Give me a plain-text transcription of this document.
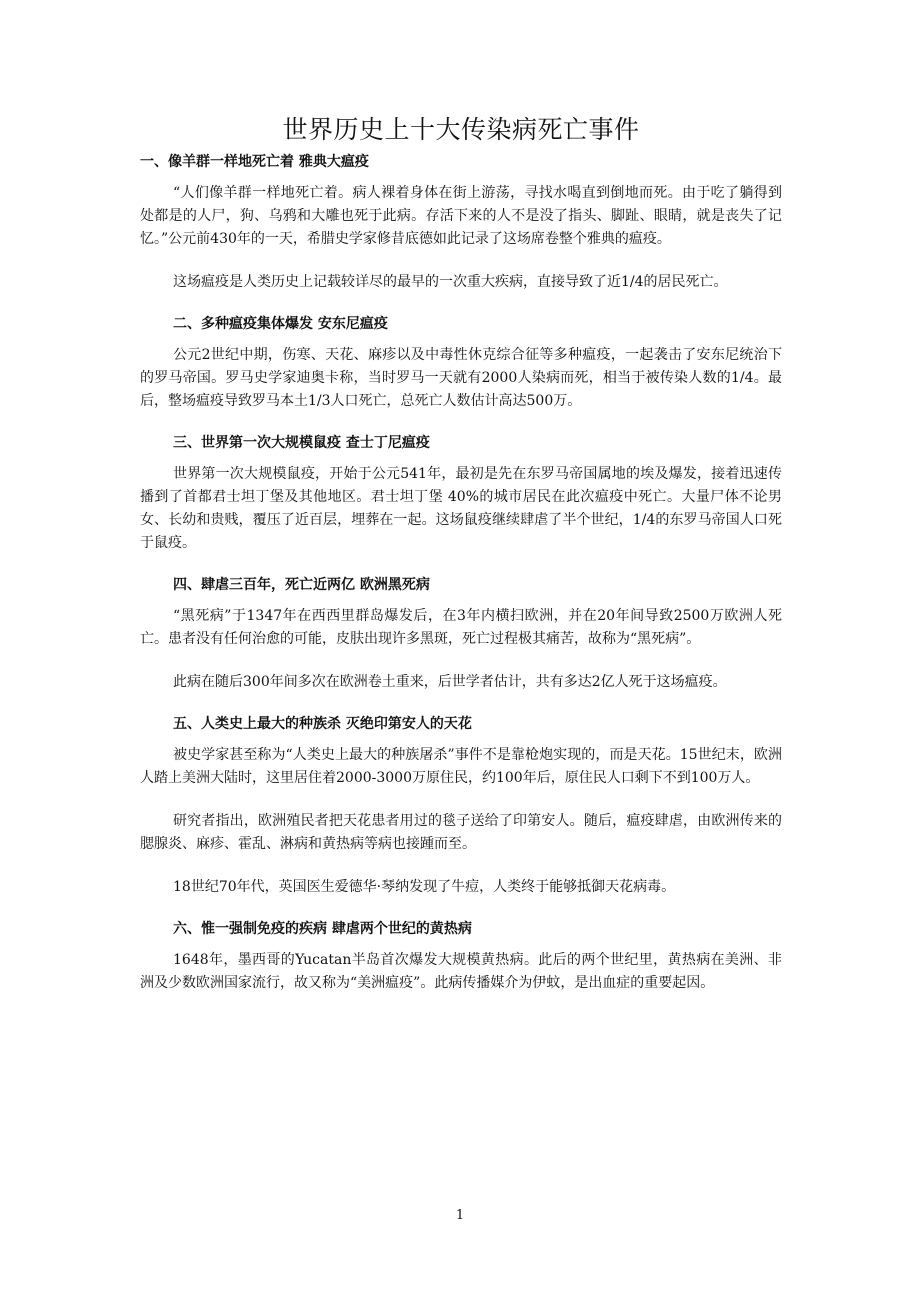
世界历史上十大传染病死亡事件
一、像羊群一样地死亡着 雅典大瘟疫

“人们像羊群一样地死亡着。病人裸着身体在街上游荡，寻找水喝直到倒地而死。由于吃了躺得到处都是的人尸，狗、乌鸦和大雕也死于此病。存活下来的人不是没了指头、脚趾、眼睛，就是丧失了记忆。”公元前430年的一天，希腊史学家修昔底德如此记录了这场席卷整个雅典的瘟疫。

这场瘟疫是人类历史上记载较详尽的最早的一次重大疾病，直接导致了近1/4的居民死亡。

二、多种瘟疫集体爆发 安东尼瘟疫

公元2世纪中期，伤寒、天花、麻疹以及中毒性休克综合征等多种瘟疫，一起袭击了安东尼统治下的罗马帝国。罗马史学家迪奥卡称，当时罗马一天就有2000人染病而死，相当于被传染人数的1/4。最后，整场瘟疫导致罗马本土1/3人口死亡，总死亡人数估计高达500万。

三、世界第一次大规模鼠疫 查士丁尼瘟疫

世界第一次大规模鼠疫，开始于公元541年，最初是先在东罗马帝国属地的埃及爆发，接着迅速传播到了首都君士坦丁堡及其他地区。君士坦丁堡 40%的城市居民在此次瘟疫中死亡。大量尸体不论男女、长幼和贵贱，覆压了近百层，埋葬在一起。这场鼠疫继续肆虐了半个世纪，1/4的东罗马帝国人口死于鼠疫。

四、肆虐三百年，死亡近两亿 欧洲黑死病

“黑死病”于1347年在西西里群岛爆发后，在3年内横扫欧洲，并在20年间导致2500万欧洲人死亡。患者没有任何治愈的可能，皮肤出现许多黑斑，死亡过程极其痛苦，故称为“黑死病”。

此病在随后300年间多次在欧洲卷土重来，后世学者估计，共有多达2亿人死于这场瘟疫。

五、人类史上最大的种族杀 灭绝印第安人的天花

被史学家甚至称为“人类史上最大的种族屠杀”事件不是靠枪炮实现的，而是天花。15世纪末，欧洲人踏上美洲大陆时，这里居住着2000-3000万原住民，约100年后，原住民人口剩下不到100万人。

研究者指出，欧洲殖民者把天花患者用过的毯子送给了印第安人。随后，瘟疫肆虐，由欧洲传来的腮腺炎、麻疹、霍乱、淋病和黄热病等病也接踵而至。

18世纪70年代，英国医生爱德华·琴纳发现了牛痘，人类终于能够抵御天花病毒。

六、惟一强制免疫的疾病 肆虐两个世纪的黄热病

1648年，墨西哥的Yucatan半岛首次爆发大规模黄热病。此后的两个世纪里，黄热病在美洲、非洲及少数欧洲国家流行，故又称为“美洲瘟疫”。此病传播媒介为伊蚊，是出血症的重要起因。

1
